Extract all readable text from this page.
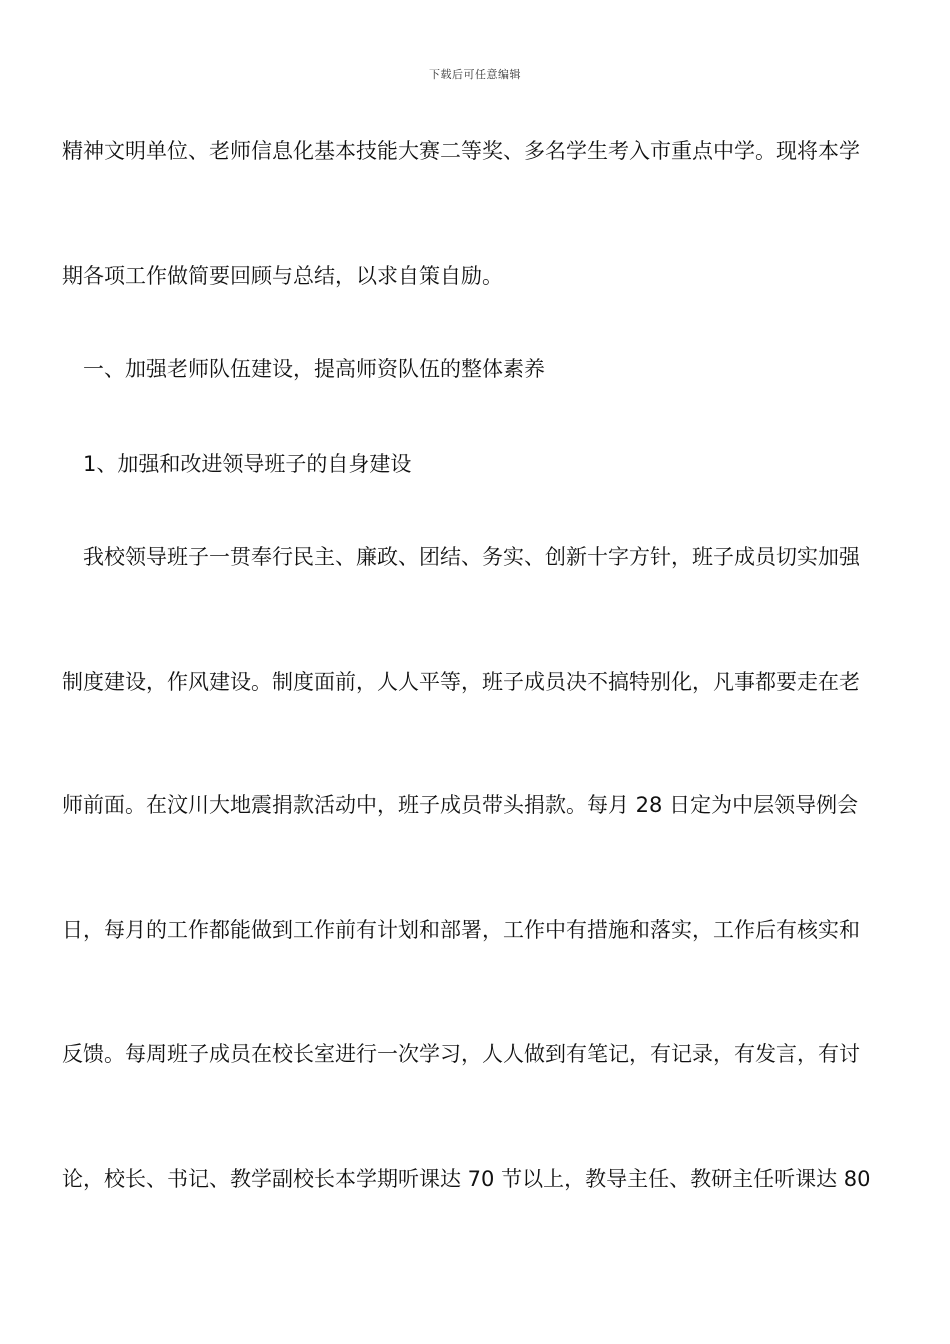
下载后可任意编辑
精神文明单位、老师信息化基本技能大赛二等奖、多名学生考入市重点中学。现将本学
期各项工作做简要回顾与总结，以求自策自励。
一、加强老师队伍建设，提高师资队伍的整体素养
1、加强和改进领导班子的自身建设
我校领导班子一贯奉行民主、廉政、团结、务实、创新十字方针，班子成员切实加强
制度建设，作风建设。制度面前，人人平等，班子成员决不搞特别化，凡事都要走在老
师前面。在汶川大地震捐款活动中，班子成员带头捐款。每月 28 日定为中层领导例会
日，每月的工作都能做到工作前有计划和部署，工作中有措施和落实，工作后有核实和
反馈。每周班子成员在校长室进行一次学习，人人做到有笔记，有记录，有发言，有讨
论，校长、书记、教学副校长本学期听课达 70 节以上，教导主任、教研主任听课达 80
